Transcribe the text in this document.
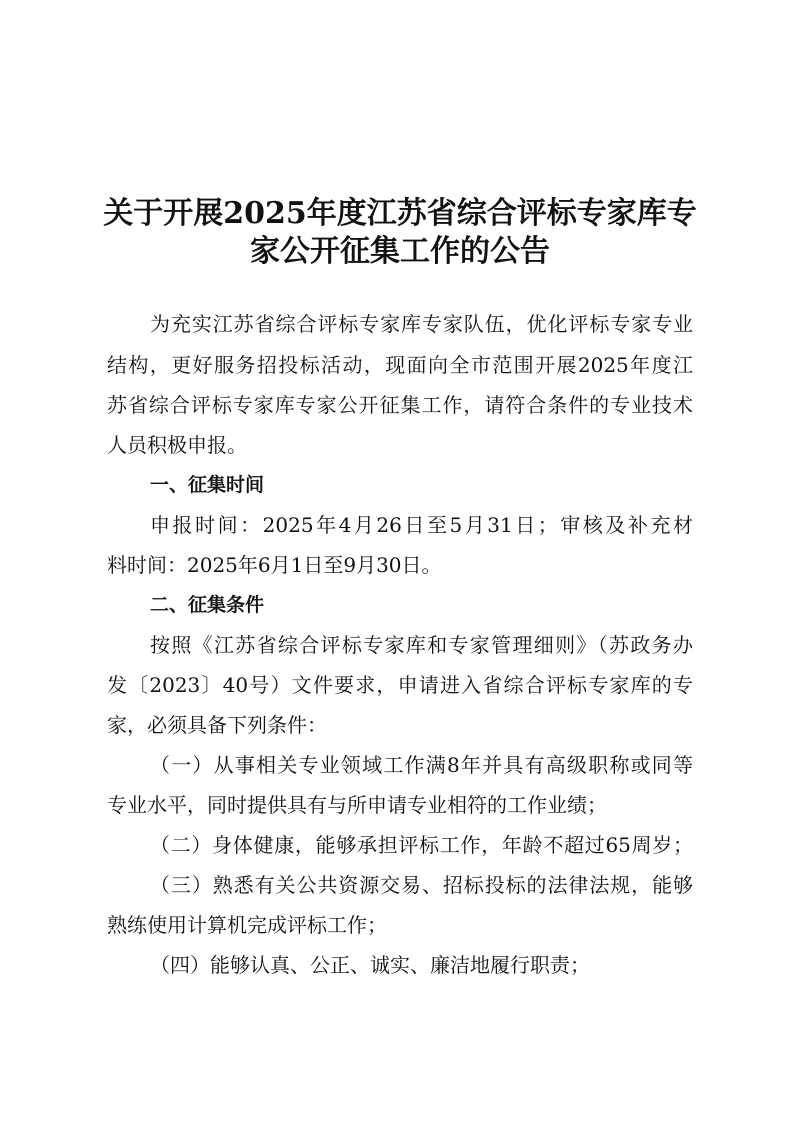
关于开展2025年度江苏省综合评标专家库专
家公开征集工作的公告

为充实江苏省综合评标专家库专家队伍，优化评标专家专业

结构，更好服务招投标活动，现面向全市范围开展2025年度江

苏省综合评标专家库专家公开征集工作，请符合条件的专业技术

人员积极申报。

一、征集时间

申报时间：2025年4月26日至5月31日；审核及补充材

料时间：2025年6月1日至9月30日。

二、征集条件

按照《江苏省综合评标专家库和专家管理细则》（苏政务办

发〔2023〕40号）文件要求，申请进入省综合评标专家库的专

家，必须具备下列条件：

（一）从事相关专业领域工作满8年并具有高级职称或同等

专业水平，同时提供具有与所申请专业相符的工作业绩；

（二）身体健康，能够承担评标工作，年龄不超过65周岁；

（三）熟悉有关公共资源交易、招标投标的法律法规，能够

熟练使用计算机完成评标工作；

（四）能够认真、公正、诚实、廉洁地履行职责；
